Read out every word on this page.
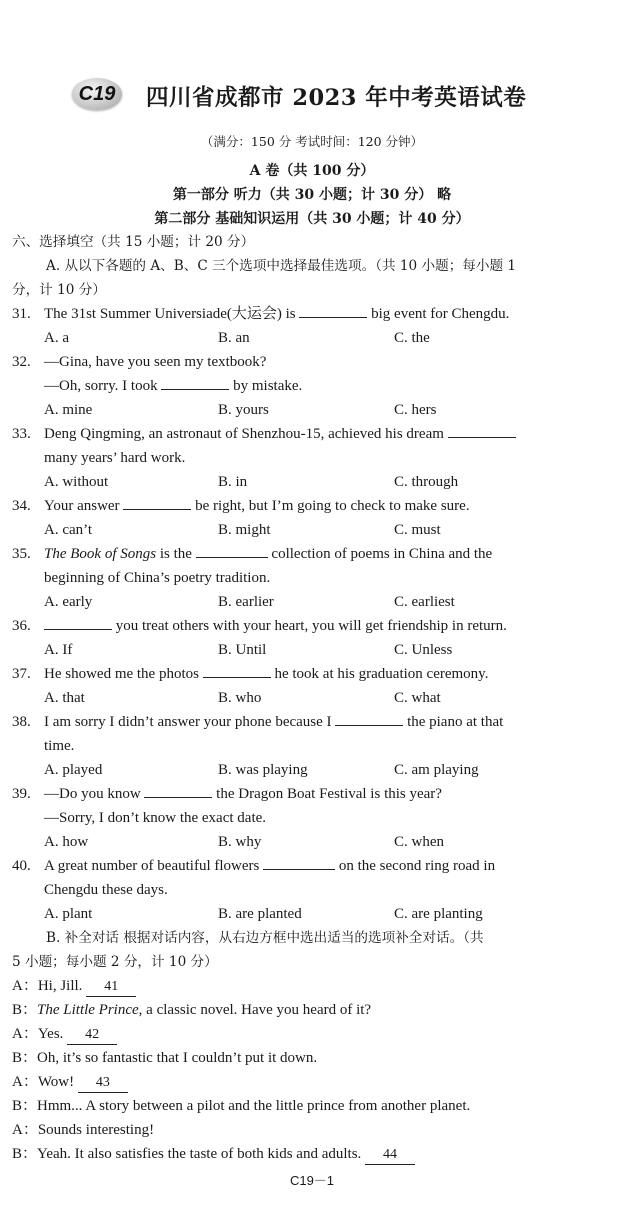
C19 四川省成都市 2023 年中考英语试卷
（满分：150 分 考试时间：120 分钟）
A 卷（共 100 分）
第一部分 听力（共 30 小题；计 30 分） 略
第二部分 基础知识运用（共 30 小题；计 40 分）
六、选择填空（共 15 小题；计 20 分）
A. 从以下各题的 A、B、C 三个选项中选择最佳选项。（共 10 小题；每小题 1
分，计 10 分）
31. The 31st Summer Universiade(大运会) is	big event for Chengdu.
A. a	B. an	C. the
32. —Gina, have you seen my textbook?
—Oh, sorry. I took	by mistake.
A. mine	B. yours	C. hers
33. Deng Qingming, an astronaut of Shenzhou-15, achieved his dream
many years’ hard work.
A. without	B. in	C. through
34. Your answer	be right, but I’m going to check to make sure.
A. can’t	B. might	C. must
35. The Book of Songs is the	collection of poems in China and the
beginning of China’s poetry tradition.
A. early	B. earlier	C. earliest
36.	you treat others with your heart, you will get friendship in return.
A. If	B. Until	C. Unless
37. He showed me the photos	he took at his graduation ceremony.
A. that	B. who	C. what
38. I am sorry I didn’t answer your phone because I	the piano at that
time.
A. played	B. was playing	C. am playing
39. —Do you know	the Dragon Boat Festival is this year?
—Sorry, I don’t know the exact date.
A. how	B. why	C. when
40. A great number of beautiful flowers	on the second ring road in
Chengdu these days.
A. plant	B. are planted	C. are planting
B. 补全对话 根据对话内容，从右边方框中选出适当的选项补全对话。（共
5 小题；每小题 2 分，计 10 分）
A：Hi, Jill. 41
B：The Little Prince, a classic novel. Have you heard of it?
A：Yes. 42
B：Oh, it’s so fantastic that I couldn’t put it down.
A：Wow! 43
B：Hmm... A story between a pilot and the little prince from another planet.
A：Sounds interesting!
B：Yeah. It also satisfies the taste of both kids and adults. 44
C19－1
